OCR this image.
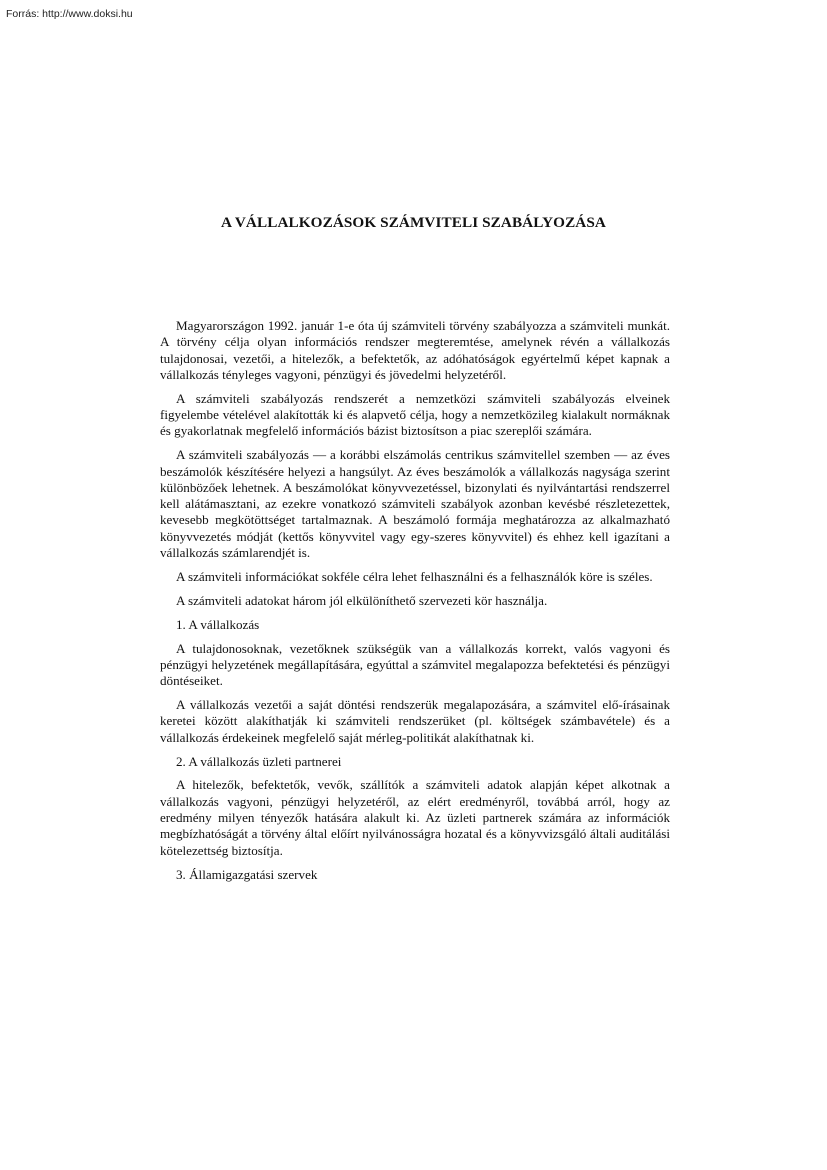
Forrás: http://www.doksi.hu
A VÁLLALKOZÁSOK SZÁMVITELI SZABÁLYOZÁSA

Magyarországon 1992. január 1-e óta új számviteli törvény szabályozza a számviteli munkát. A törvény célja olyan információs rendszer megteremtése, amelynek révén a vállalkozás tulajdonosai, vezetői, a hitelezők, a befektetők, az adóhatóságok egyértelmű képet kapnak a vállalkozás tényleges vagyoni, pénzügyi és jövedelmi helyzetéről.

A számviteli szabályozás rendszerét a nemzetközi számviteli szabályozás elveinek figyelembe vételével alakították ki és alapvető célja, hogy a nemzetközileg kialakult normáknak és gyakorlatnak megfelelő információs bázist biztosítson a piac szereplői számára.

A számviteli szabályozás — a korábbi elszámolás centrikus számvitellel szemben — az éves beszámolók készítésére helyezi a hangsúlyt. Az éves beszámolók a vállalkozás nagysága szerint különbözőek lehetnek. A beszámolókat könyvvezetéssel, bizonylati és nyilvántartási rendszerrel kell alátámasztani, az ezekre vonatkozó számviteli szabályok azonban kevésbé részletezettek, kevesebb megkötöttséget tartalmaznak. A beszámoló formája meghatározza az alkalmazható könyvvezetés módját (kettős könyvvitel vagy egy-szeres könyvvitel) és ehhez kell igazítani a vállalkozás számlarendjét is.

A számviteli információkat sokféle célra lehet felhasználni és a felhasználók köre is széles.

A számviteli adatokat három jól elkülöníthető szervezeti kör használja.

1. A vállalkozás

A tulajdonosoknak, vezetőknek szükségük van a vállalkozás korrekt, valós vagyoni és pénzügyi helyzetének megállapítására, egyúttal a számvitel megalapozza befektetési és pénzügyi döntéseiket.

A vállalkozás vezetői a saját döntési rendszerük megalapozására, a számvitel elő-írásainak keretei között alakíthatják ki számviteli rendszerüket (pl. költségek számbavétele) és a vállalkozás érdekeinek megfelelő saját mérleg-politikát alakíthatnak ki.

2. A vállalkozás üzleti partnerei

A hitelezők, befektetők, vevők, szállítók a számviteli adatok alapján képet alkotnak a vállalkozás vagyoni, pénzügyi helyzetéről, az elért eredményről, továbbá arról, hogy az eredmény milyen tényezők hatására alakult ki. Az üzleti partnerek számára az információk megbízhatóságát a törvény által előírt nyilvánosságra hozatal és a könyvvizsgáló általi auditálási kötelezettség biztosítja.

3. Államigazgatási szervek
